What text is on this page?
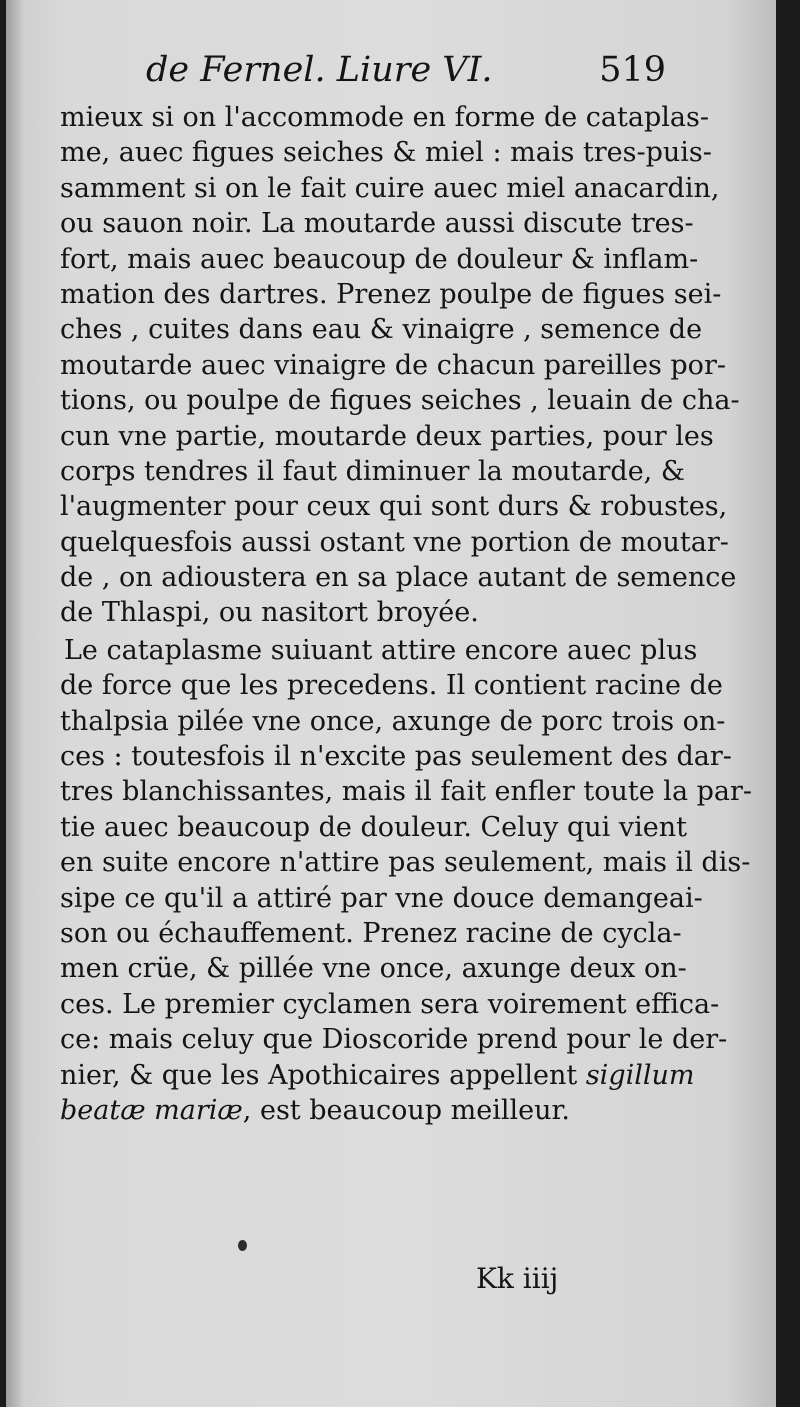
de Fernel. Liure VI.	519
mieux si on l'accommode en forme de cataplas-
me, auec figues seiches & miel : mais tres-puis-
samment si on le fait cuire auec miel anacardin,
ou sauon noir. La moutarde aussi discute tres-
fort, mais auec beaucoup de douleur & inflam-
mation des dartres. Prenez poulpe de figues sei-
ches , cuites dans eau & vinaigre , semence de
moutarde auec vinaigre de chacun pareilles por-
tions, ou poulpe de figues seiches , leuain de cha-
cun vne partie, moutarde deux parties, pour les
corps tendres il faut diminuer la moutarde, &
l'augmenter pour ceux qui sont durs & robustes,
quelquesfois aussi ostant vne portion de moutar-
de , on adioustera en sa place autant de semence
de Thlaspi, ou nasitort broyée.
Le cataplasme suiuant attire encore auec plus
de force que les precedens. Il contient racine de
thalpsia pilée vne once, axunge de porc trois on-
ces : toutesfois il n'excite pas seulement des dar-
tres blanchissantes, mais il fait enfler toute la par-
tie auec beaucoup de douleur. Celuy qui vient
en suite encore n'attire pas seulement, mais il dis-
sipe ce qu'il a attiré par vne douce demangeai-
son ou échauffement. Prenez racine de cycla-
men crüe, & pillée vne once, axunge deux on-
ces. Le premier cyclamen sera voirement effica-
ce: mais celuy que Dioscoride prend pour le der-
nier, & que les Apothicaires appellent sigillum
beatæ mariæ, est beaucoup meilleur.
Kk iiij
